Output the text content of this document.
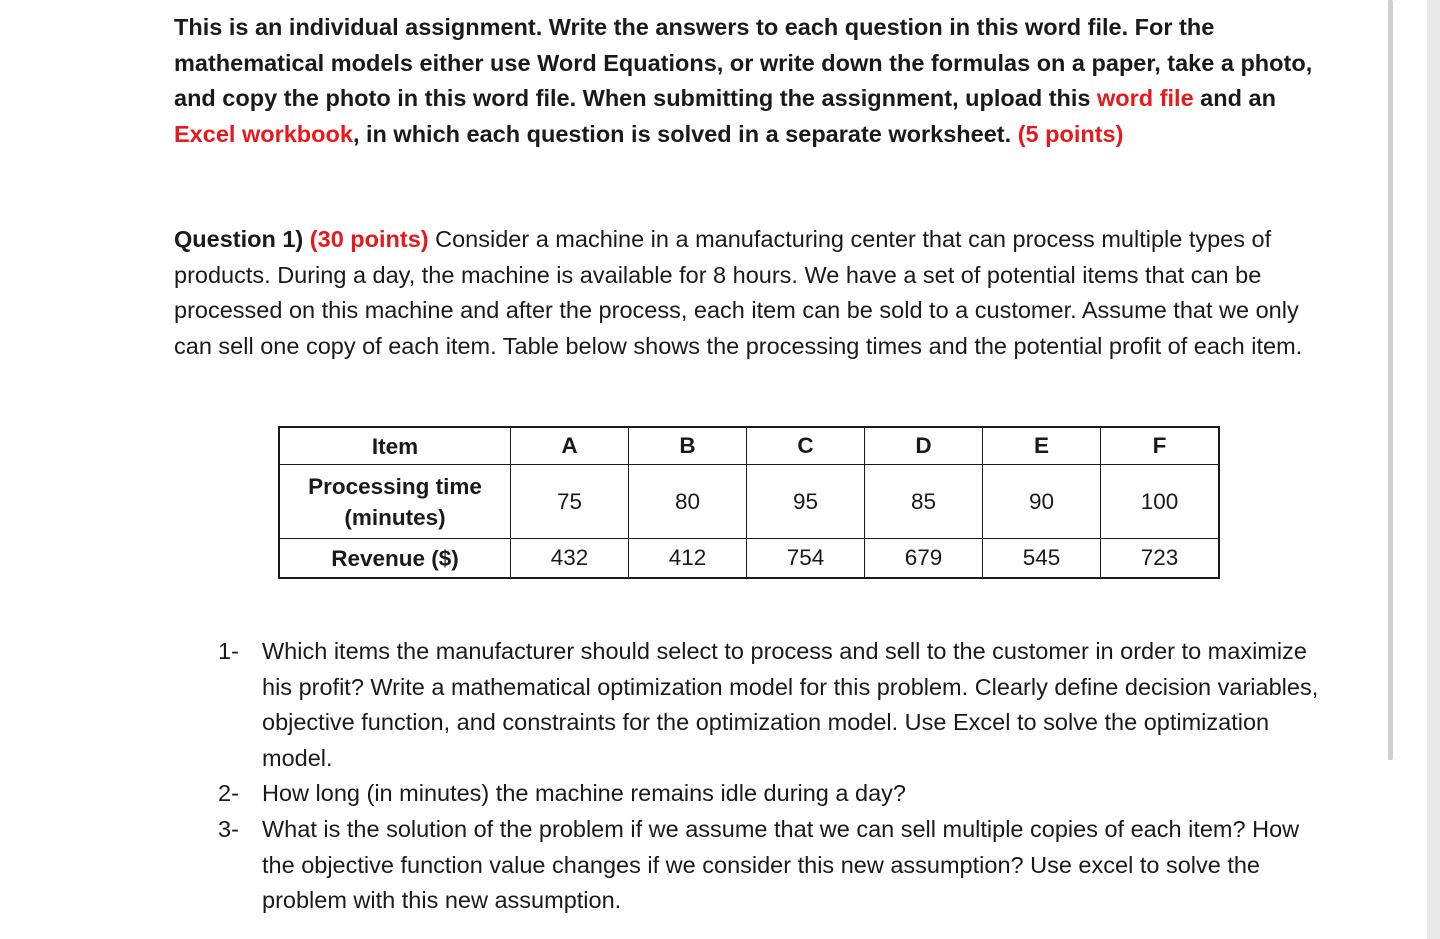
This is an individual assignment. Write the answers to each question in this word file. For the mathematical models either use Word Equations, or write down the formulas on a paper, take a photo, and copy the photo in this word file. When submitting the assignment, upload this word file and an Excel workbook, in which each question is solved in a separate worksheet. (5 points)

Question 1) (30 points) Consider a machine in a manufacturing center that can process multiple types of products. During a day, the machine is available for 8 hours. We have a set of potential items that can be processed on this machine and after the process, each item can be sold to a customer. Assume that we only can sell one copy of each item. Table below shows the processing times and the potential profit of each item.

Item	A	B	C	D	E	F

Processing time
(minutes)	75	80	95	85	90	100
Revenue ($)	432	412	754	679	545	723
1- Which items the manufacturer should select to process and sell to the customer in order to maximize his profit? Write a mathematical optimization model for this problem. Clearly define decision variables, objective function, and constraints for the optimization model. Use Excel to solve the optimization model.
2- How long (in minutes) the machine remains idle during a day?
3- What is the solution of the problem if we assume that we can sell multiple copies of each item? How the objective function value changes if we consider this new assumption? Use excel to solve the problem with this new assumption.
